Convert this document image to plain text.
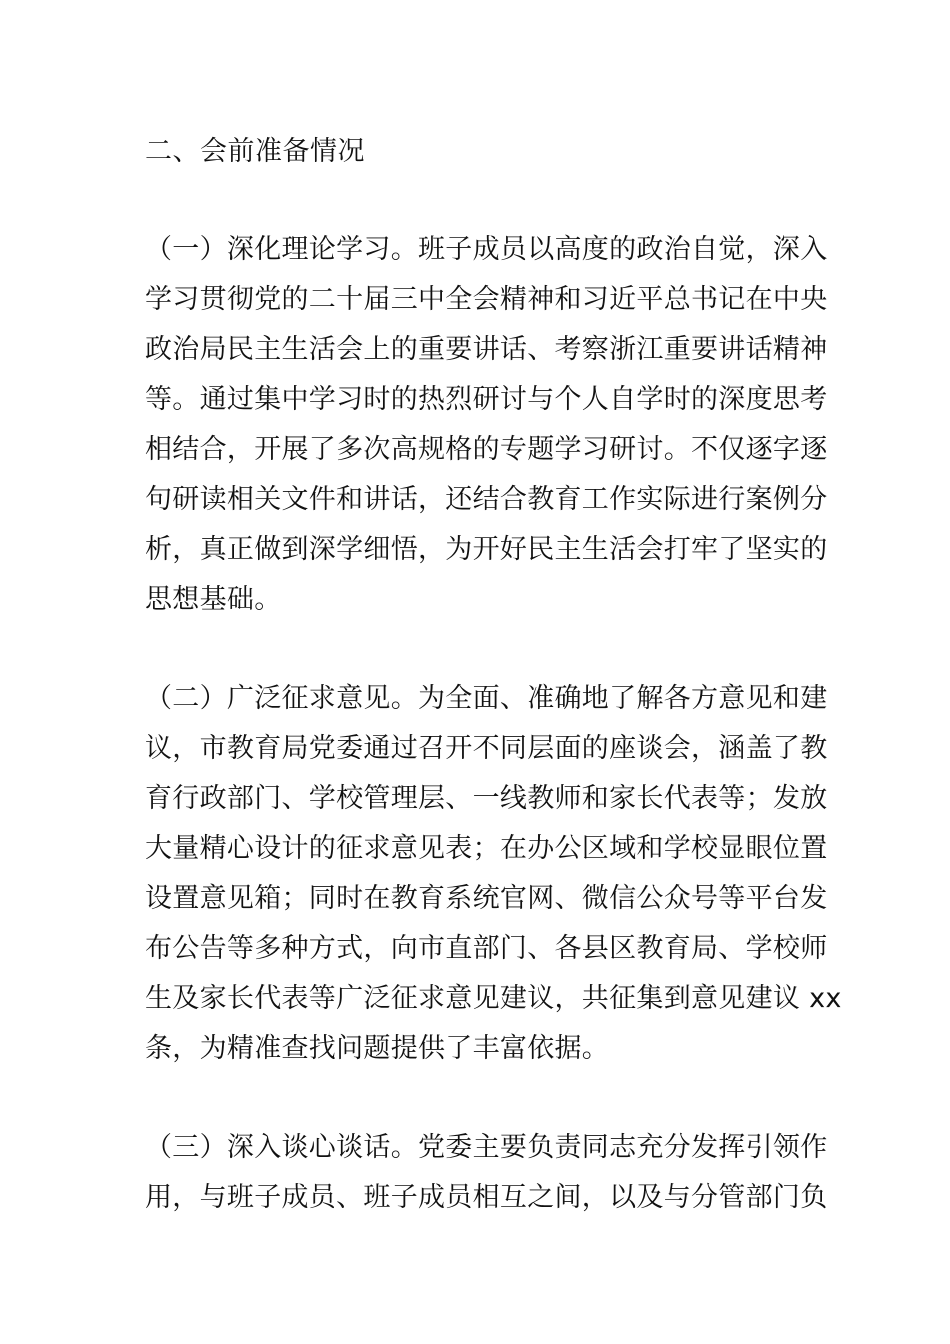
二、会前准备情况
（一）深化理论学习。班子成员以高度的政治自觉，深入
学习贯彻党的二十届三中全会精神和习近平总书记在中央
政治局民主生活会上的重要讲话、考察浙江重要讲话精神
等。通过集中学习时的热烈研讨与个人自学时的深度思考
相结合，开展了多次高规格的专题学习研讨。不仅逐字逐
句研读相关文件和讲话，还结合教育工作实际进行案例分
析，真正做到深学细悟，为开好民主生活会打牢了坚实的
思想基础。
（二）广泛征求意见。为全面、准确地了解各方意见和建
议，市教育局党委通过召开不同层面的座谈会，涵盖了教
育行政部门、学校管理层、一线教师和家长代表等；发放
大量精心设计的征求意见表；在办公区域和学校显眼位置
设置意见箱；同时在教育系统官网、微信公众号等平台发
布公告等多种方式，向市直部门、各县区教育局、学校师
生及家长代表等广泛征求意见建议，共征集到意见建议 xx
条，为精准查找问题提供了丰富依据。
（三）深入谈心谈话。党委主要负责同志充分发挥引领作
用，与班子成员、班子成员相互之间，以及与分管部门负
